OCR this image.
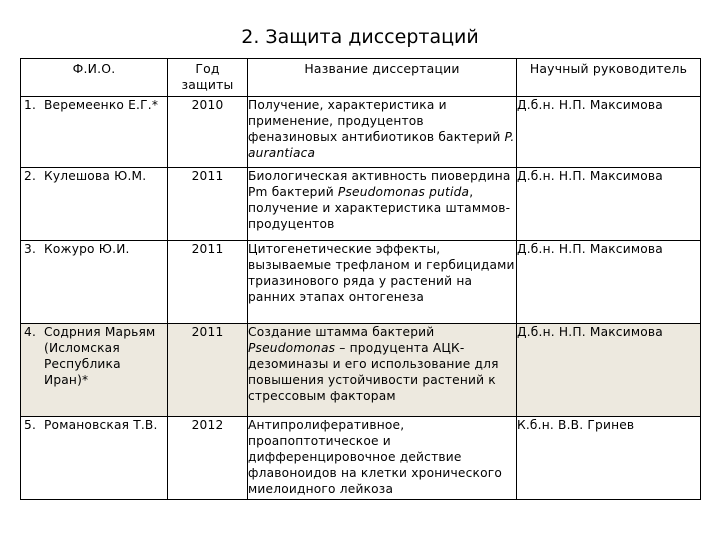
2. Защита диссертаций
Ф.И.О.	Год защиты	Название диссертации	Научный руководитель
1. Веремеенко Е.Г.*	2010	Получение, характеристика и применение, продуцентов феназиновых антибиотиков бактерий P. aurantiaca	Д.б.н. Н.П. Максимова
2. Кулешова Ю.М.	2011	Биологическая активность пиовердина Pm бактерий Pseudomonas putida, получение и характеристика штаммов-продуцентов	Д.б.н. Н.П. Максимова
3. Кожуро Ю.И.	2011	Цитогенетические эффекты, вызываемые трефланом и гербицидами триазинового ряда у растений на ранних этапах онтогенеза	Д.б.н. Н.П. Максимова
4. Содрния Марьям (Исломская Республика Иран)*	2011	Создание штамма бактерий Pseudomonas – продуцента АЦК-дезоминазы и его использование для повышения устойчивости растений к стрессовым факторам	Д.б.н. Н.П. Максимова
5. Романовская Т.В.	2012	Антипролиферативное, проапоптотическое и дифференцировочное действие флавоноидов на клетки хронического миелоидного лейкоза	К.б.н. В.В. Гринев
